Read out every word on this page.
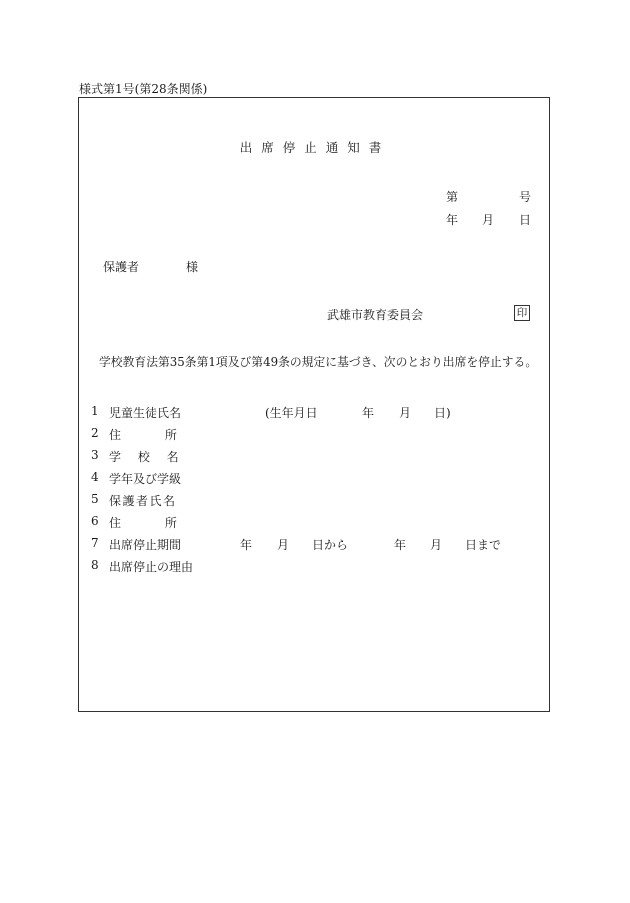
様式第1号(第28条関係)
出席停止通知書
第	号
年 月 日
保護者	様
武雄市教育委員会	印
学校教育法第35条第1項及び第49条の規定に基づき、次のとおり出席を停止する。
1 児童生徒氏名	(生年月日	年 月 日)
2 住 所
3 学 校 名
4 学年及び学級
5 保護者氏名
6 住 所
7 出席停止期間	年 月 日から	年 月 日まで
8 出席停止の理由
